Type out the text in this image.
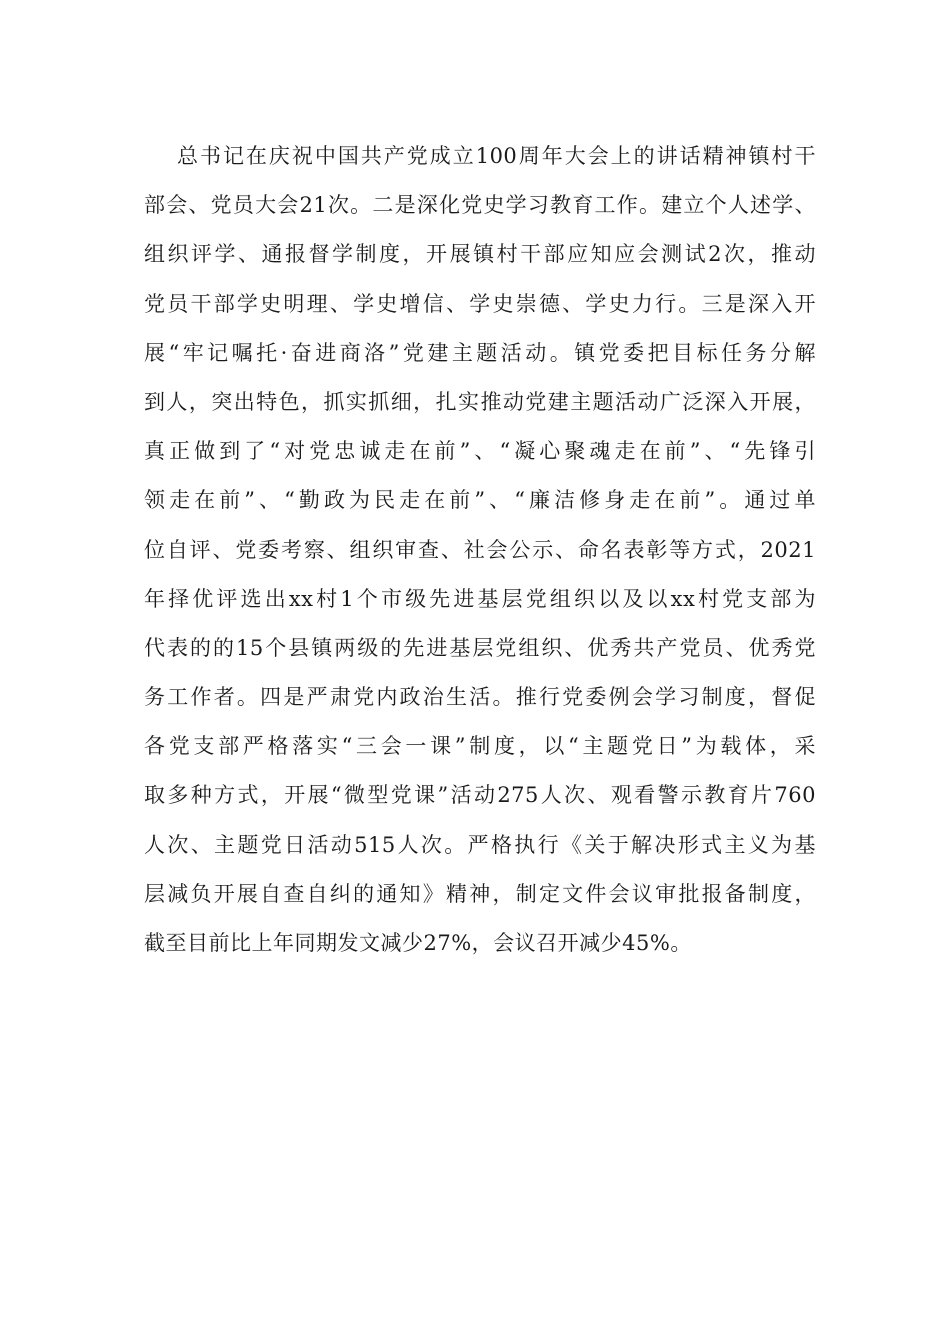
总书记在庆祝中国共产党成立100周年大会上的讲话精神镇村干
部会、党员大会21次。二是深化党史学习教育工作。建立个人述学、
组织评学、通报督学制度，开展镇村干部应知应会测试2次，推动
党员干部学史明理、学史增信、学史崇德、学史力行。三是深入开
展“牢记嘱托·奋进商洛”党建主题活动。镇党委把目标任务分解
到人，突出特色，抓实抓细，扎实推动党建主题活动广泛深入开展，
真正做到了“对党忠诚走在前”、“凝心聚魂走在前”、“先锋引
领走在前”、“勤政为民走在前”、“廉洁修身走在前”。通过单
位自评、党委考察、组织审查、社会公示、命名表彰等方式，2021
年择优评选出xx村1个市级先进基层党组织以及以xx村党支部为
代表的的15个县镇两级的先进基层党组织、优秀共产党员、优秀党
务工作者。四是严肃党内政治生活。推行党委例会学习制度，督促
各党支部严格落实“三会一课”制度，以“主题党日”为载体，采
取多种方式，开展“微型党课”活动275人次、观看警示教育片760
人次、主题党日活动515人次。严格执行《关于解决形式主义为基
层减负开展自查自纠的通知》精神，制定文件会议审批报备制度，
截至目前比上年同期发文减少27%，会议召开减少45%。
